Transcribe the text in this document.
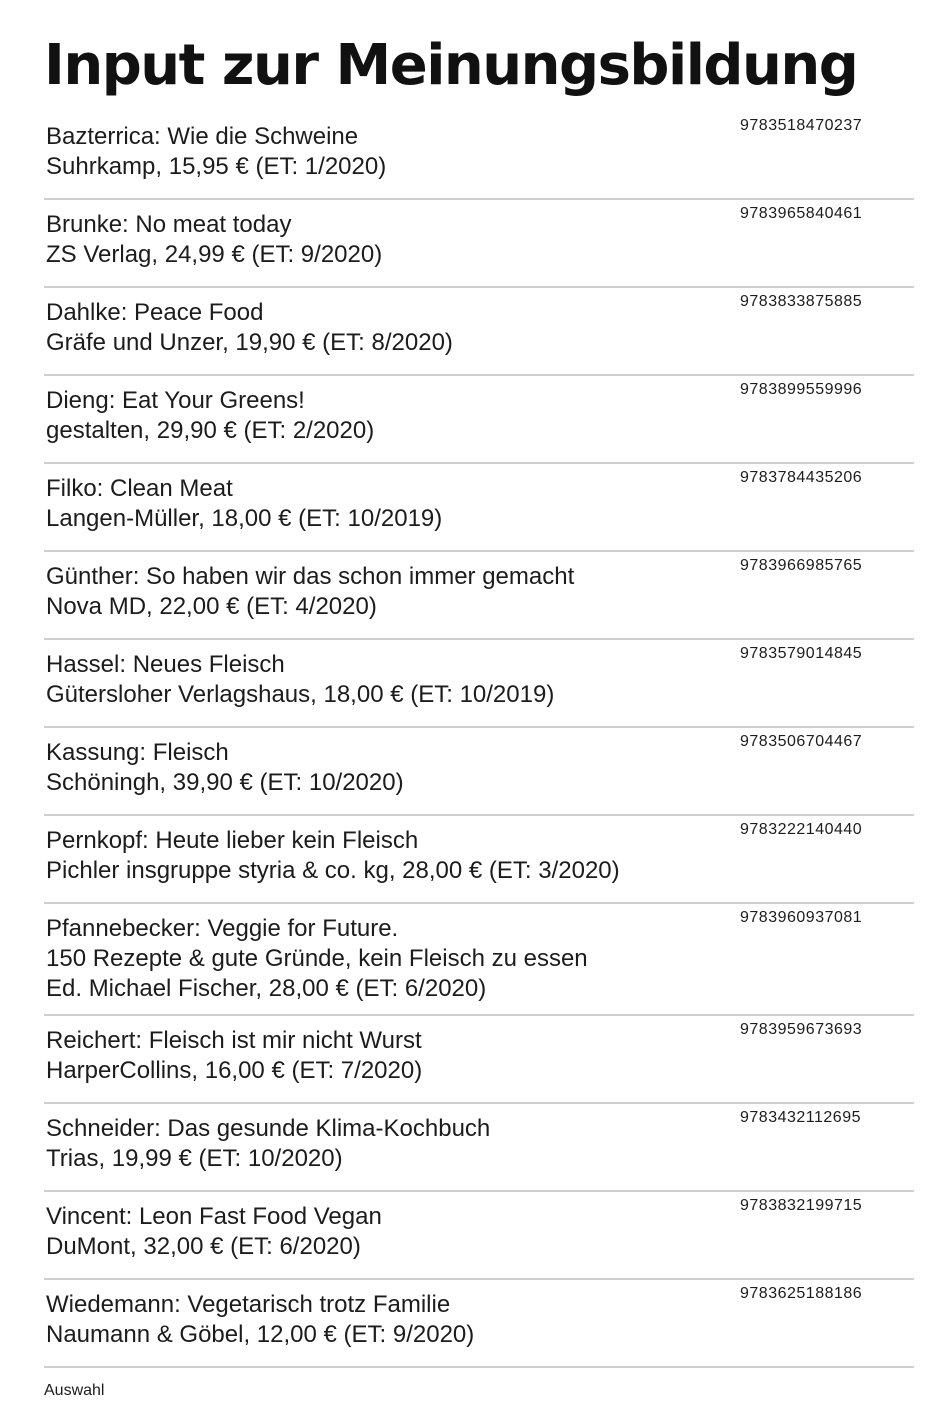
Input zur Meinungsbildung
Bazterrica: Wie die Schweine
Suhrkamp, 15,95 € (ET: 1/2020)
9783518470237
Brunke: No meat today
ZS Verlag, 24,99 € (ET: 9/2020)
9783965840461
Dahlke: Peace Food
Gräfe und Unzer, 19,90 € (ET: 8/2020)
9783833875885
Dieng: Eat Your Greens!
gestalten, 29,90 € (ET: 2/2020)
9783899559996
Filko: Clean Meat
Langen-Müller, 18,00 € (ET: 10/2019)
9783784435206
Günther: So haben wir das schon immer gemacht
Nova MD, 22,00 € (ET: 4/2020)
9783966985765
Hassel: Neues Fleisch
Gütersloher Verlagshaus, 18,00 € (ET: 10/2019)
9783579014845
Kassung: Fleisch
Schöningh, 39,90 € (ET: 10/2020)
9783506704467
Pernkopf: Heute lieber kein Fleisch
Pichler insgruppe styria & co. kg, 28,00 € (ET: 3/2020)
9783222140440
Pfannebecker: Veggie for Future.
150 Rezepte & gute Gründe, kein Fleisch zu essen
Ed. Michael Fischer, 28,00 € (ET: 6/2020)
9783960937081
Reichert: Fleisch ist mir nicht Wurst
HarperCollins, 16,00 € (ET: 7/2020)
9783959673693
Schneider: Das gesunde Klima-Kochbuch
Trias, 19,99 € (ET: 10/2020)
9783432112695
Vincent: Leon Fast Food Vegan
DuMont, 32,00 € (ET: 6/2020)
9783832199715
Wiedemann: Vegetarisch trotz Familie
Naumann & Göbel, 12,00 € (ET: 9/2020)
9783625188186
Auswahl
